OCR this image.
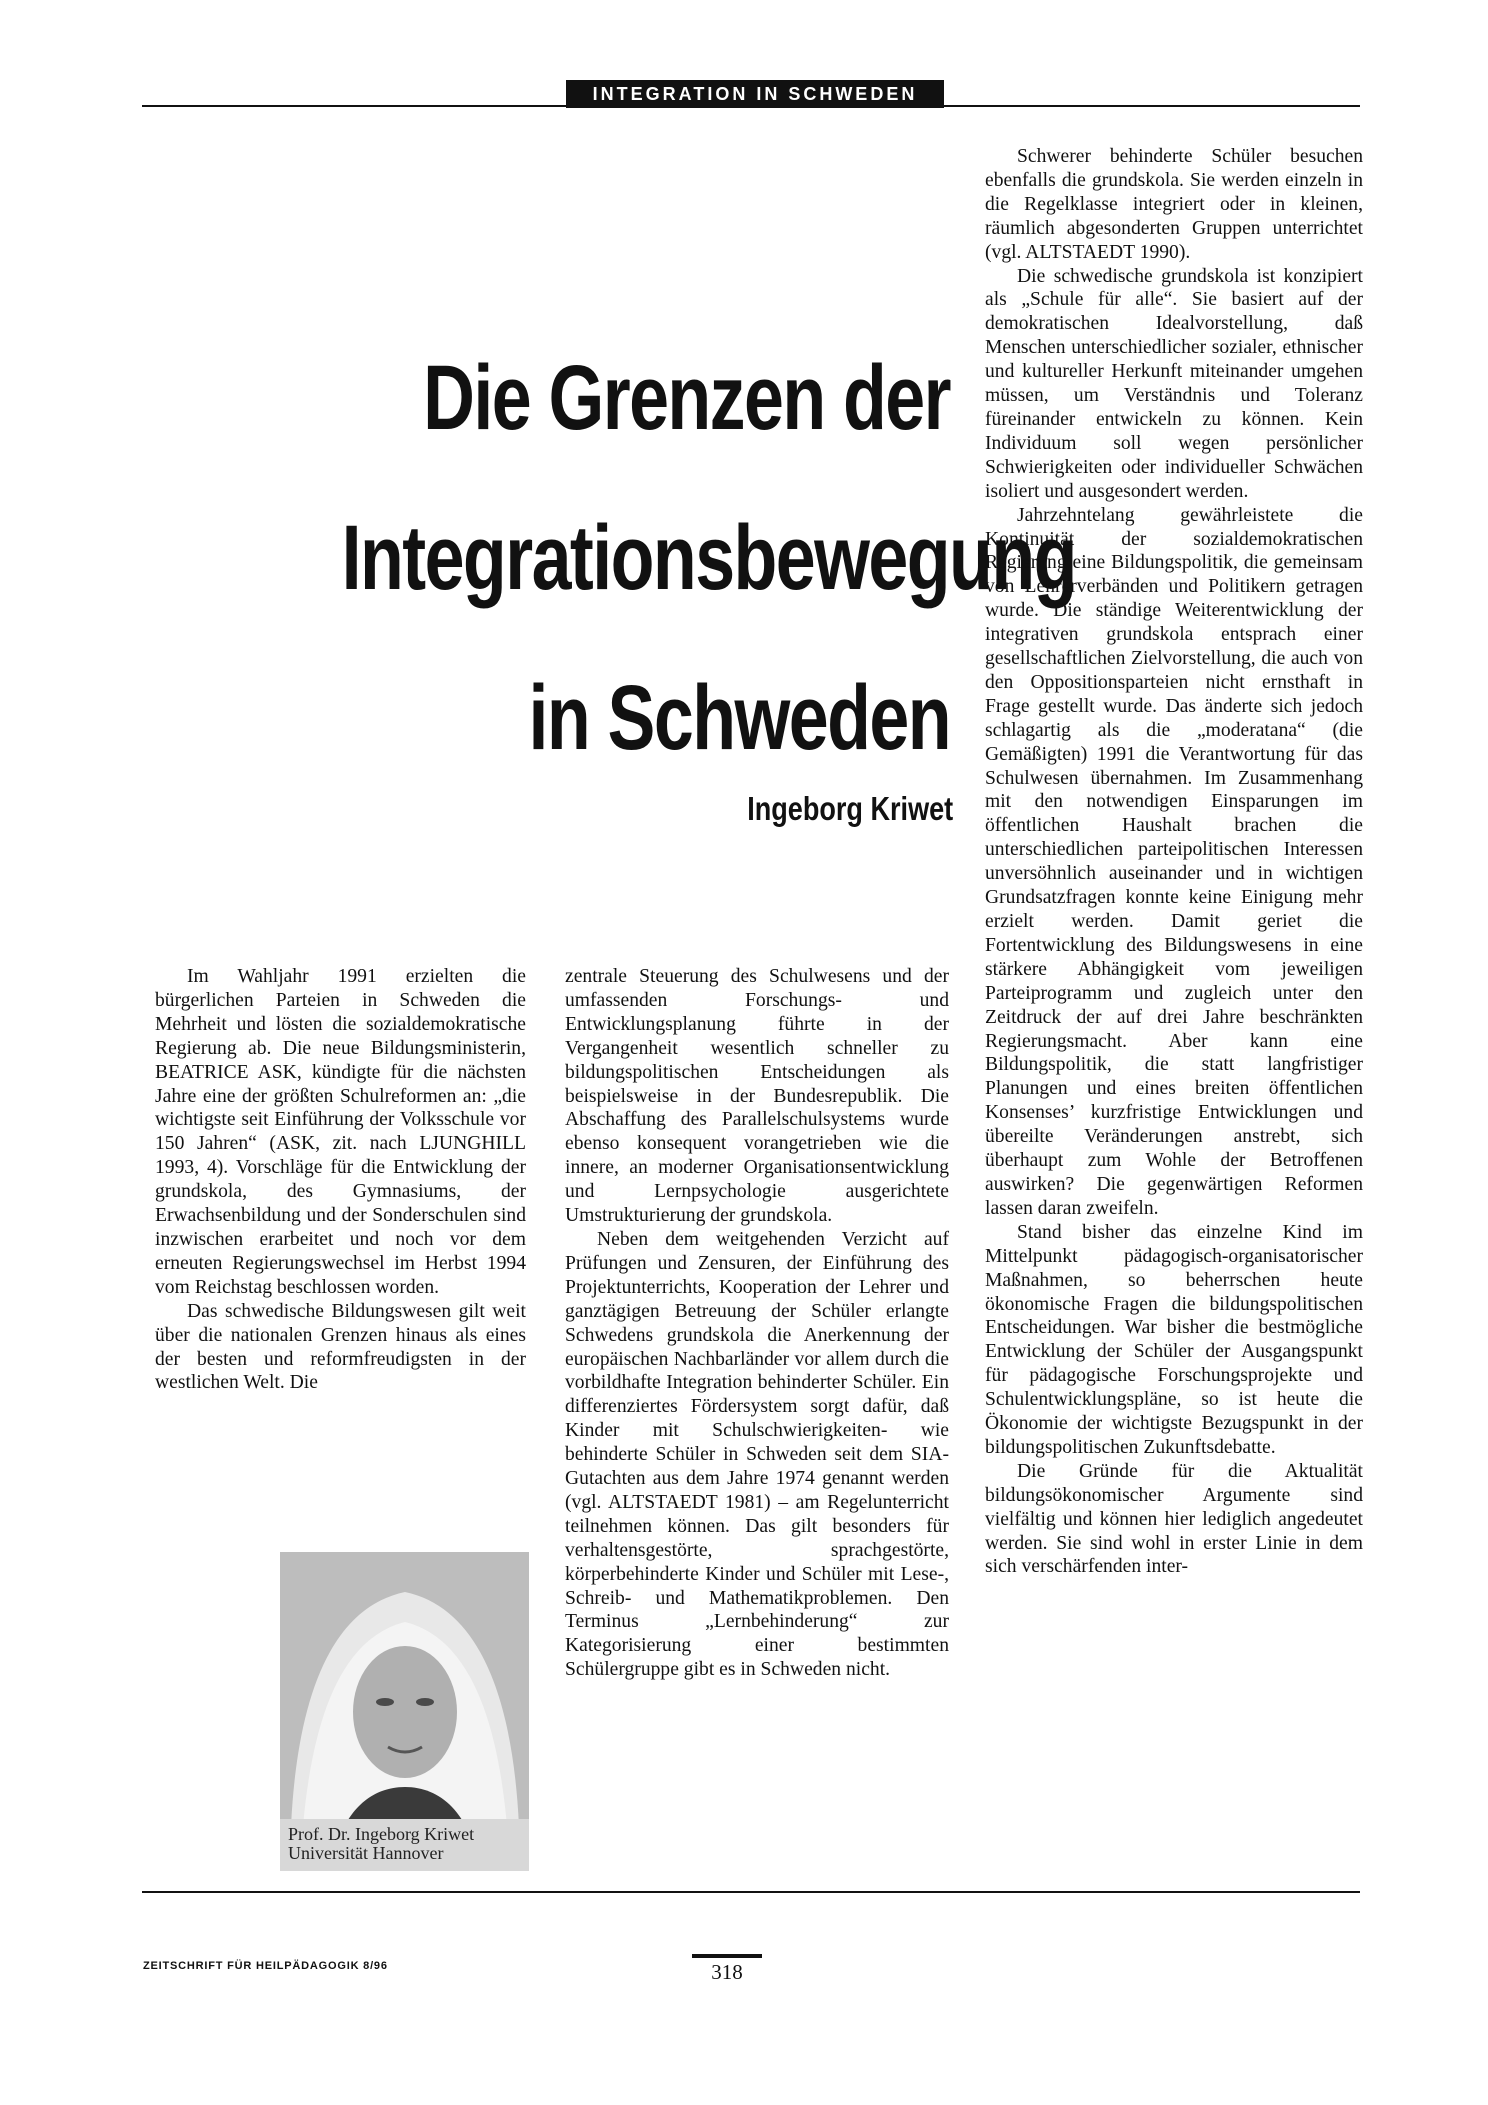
INTEGRATION IN SCHWEDEN
Die Grenzen der
Integrationsbewegung
in Schweden
Ingeborg Kriwet

Im Wahljahr 1991 erzielten die bürgerlichen Parteien in Schweden die Mehrheit und lösten die sozialdemokratische Regierung ab. Die neue Bildungsministerin, BEATRICE ASK, kündigte für die nächsten Jahre eine der größten Schulreformen an: „die wichtigste seit Einführung der Volksschule vor 150 Jahren“ (ASK, zit. nach LJUNGHILL 1993, 4). Vorschläge für die Entwicklung der grundskola, des Gymnasiums, der Erwachsenbildung und der Sonderschulen sind inzwischen erarbeitet und noch vor dem erneuten Regierungswechsel im Herbst 1994 vom Reichstag beschlossen worden.

Das schwedische Bildungswesen gilt weit über die nationalen Grenzen hinaus als eines der besten und reformfreudigsten in der westlichen Welt. Die

Prof. Dr. Ingeborg Kriwet
Universität Hannover

zentrale Steuerung des Schulwesens und der umfassenden Forschungs- und Entwicklungsplanung führte in der Vergangenheit wesentlich schneller zu bildungspolitischen Entscheidungen als beispielsweise in der Bundesrepublik. Die Abschaffung des Parallelschulsystems wurde ebenso konsequent vorangetrieben wie die innere, an moderner Organisationsentwicklung und Lernpsychologie ausgerichtete Umstrukturierung der grundskola.

Neben dem weitgehenden Verzicht auf Prüfungen und Zensuren, der Einführung des Projektunterrichts, Kooperation der Lehrer und ganztägigen Betreuung der Schüler erlangte Schwedens grundskola die Anerkennung der europäischen Nachbarländer vor allem durch die vorbildhafte Integration behinderter Schüler. Ein differenziertes Fördersystem sorgt dafür, daß Kinder mit Schulschwierigkeiten- wie behinderte Schüler in Schweden seit dem SIA-Gutachten aus dem Jahre 1974 genannt werden (vgl. ALTSTAEDT 1981) – am Regelunterricht teilnehmen können. Das gilt besonders für verhaltensgestörte, sprachgestörte, körperbehinderte Kinder und Schüler mit Lese-, Schreib- und Mathematikproblemen. Den Terminus „Lernbehinderung“ zur Kategorisierung einer bestimmten Schülergruppe gibt es in Schweden nicht.

Schwerer behinderte Schüler besuchen ebenfalls die grundskola. Sie werden einzeln in die Regelklasse integriert oder in kleinen, räumlich abgesonderten Gruppen unterrichtet (vgl. ALTSTAEDT 1990).

Die schwedische grundskola ist konzipiert als „Schule für alle“. Sie basiert auf der demokratischen Idealvorstellung, daß Menschen unterschiedlicher sozialer, ethnischer und kultureller Herkunft miteinander umgehen müssen, um Verständnis und Toleranz füreinander entwickeln zu können. Kein Individuum soll wegen persönlicher Schwierigkeiten oder individueller Schwächen isoliert und ausgesondert werden.

Jahrzehntelang gewährleistete die Kontinuität der sozialdemokratischen Regierung eine Bildungspolitik, die gemeinsam von Lehrerverbänden und Politikern getragen wurde. Die ständige Weiterentwicklung der integrativen grundskola entsprach einer gesellschaftlichen Zielvorstellung, die auch von den Oppositionsparteien nicht ernsthaft in Frage gestellt wurde. Das änderte sich jedoch schlagartig als die „moderatana“ (die Gemäßigten) 1991 die Verantwortung für das Schulwesen übernahmen. Im Zusammenhang mit den notwendigen Einsparungen im öffentlichen Haushalt brachen die unterschiedlichen parteipolitischen Interessen unversöhnlich auseinander und in wichtigen Grundsatzfragen konnte keine Einigung mehr erzielt werden. Damit geriet die Fortentwicklung des Bildungswesens in eine stärkere Abhängigkeit vom jeweiligen Parteiprogramm und zugleich unter den Zeitdruck der auf drei Jahre beschränkten Regierungsmacht. Aber kann eine Bildungspolitik, die statt langfristiger Planungen und eines breiten öffentlichen Konsenses’ kurzfristige Entwicklungen und übereilte Veränderungen anstrebt, sich überhaupt zum Wohle der Betroffenen auswirken? Die gegenwärtigen Reformen lassen daran zweifeln.

Stand bisher das einzelne Kind im Mittelpunkt pädagogisch-organisatorischer Maßnahmen, so beherrschen heute ökonomische Fragen die bildungspolitischen Entscheidungen. War bisher die bestmögliche Entwicklung der Schüler der Ausgangspunkt für pädagogische Forschungsprojekte und Schulentwicklungspläne, so ist heute die Ökonomie der wichtigste Bezugspunkt in der bildungspolitischen Zukunftsdebatte.

Die Gründe für die Aktualität bildungsökonomischer Argumente sind vielfältig und können hier lediglich angedeutet werden. Sie sind wohl in erster Linie in dem sich verschärfenden inter-

ZEITSCHRIFT FÜR HEILPÄDAGOGIK 8/96	318
